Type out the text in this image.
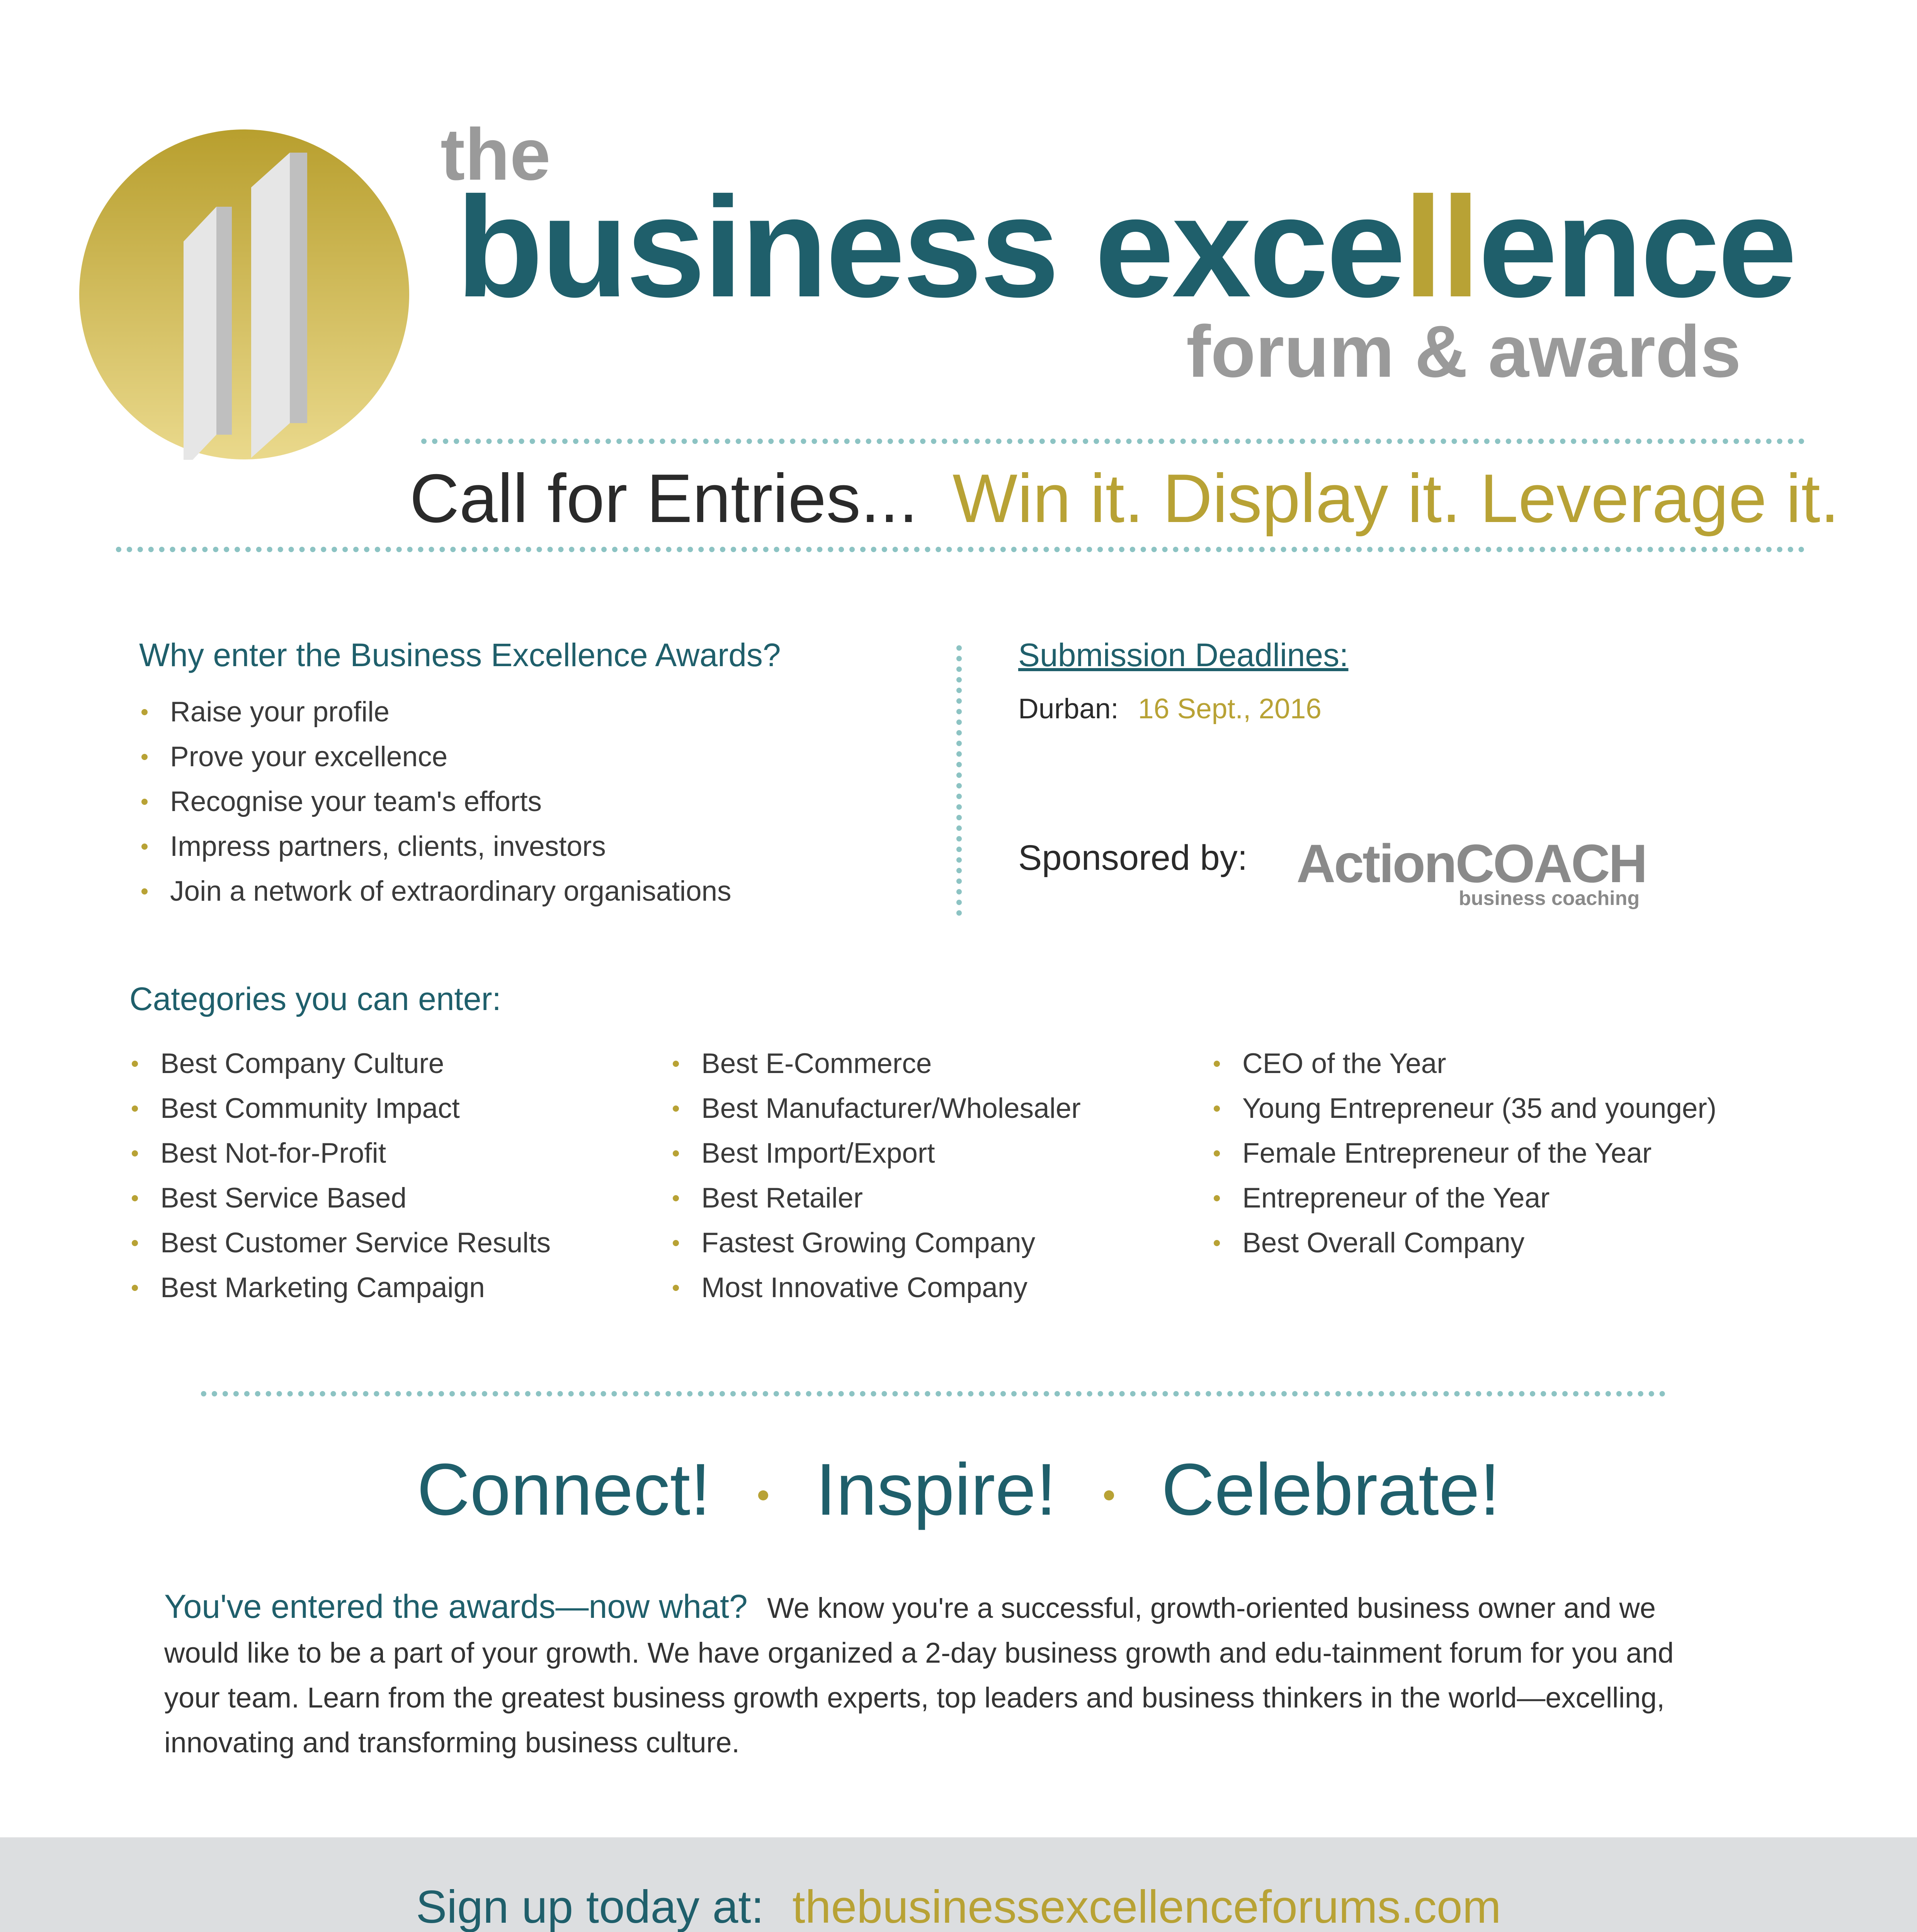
the
business excellence
forum & awards
Call for Entries... Win it. Display it. Leverage it.
Why enter the Business Excellence Awards?
Raise your profile
Prove your excellence
Recognise your team's efforts
Impress partners, clients, investors
Join a network of extraordinary organisations
Submission Deadlines:
Durban: 16 Sept., 2016
Sponsored by: ActionCOACH
business coaching
Categories you can enter:
Best Company Culture
Best Community Impact
Best Not-for-Profit
Best Service Based
Best Customer Service Results
Best Marketing Campaign
Best E-Commerce
Best Manufacturer/Wholesaler
Best Import/Export
Best Retailer
Fastest Growing Company
Most Innovative Company
CEO of the Year
Young Entrepreneur (35 and younger)
Female Entrepreneur of the Year
Entrepreneur of the Year
Best Overall Company
Connect! Inspire! Celebrate!
You've entered the awards—now what? We know you're a successful, growth-oriented business owner and we would like to be a part of your growth. We have organized a 2-day business growth and edu-tainment forum for you and your team. Learn from the greatest business growth experts, top leaders and business thinkers in the world—excelling, innovating and transforming business culture.
Sign up today at: thebusinessexcellenceforums.com
